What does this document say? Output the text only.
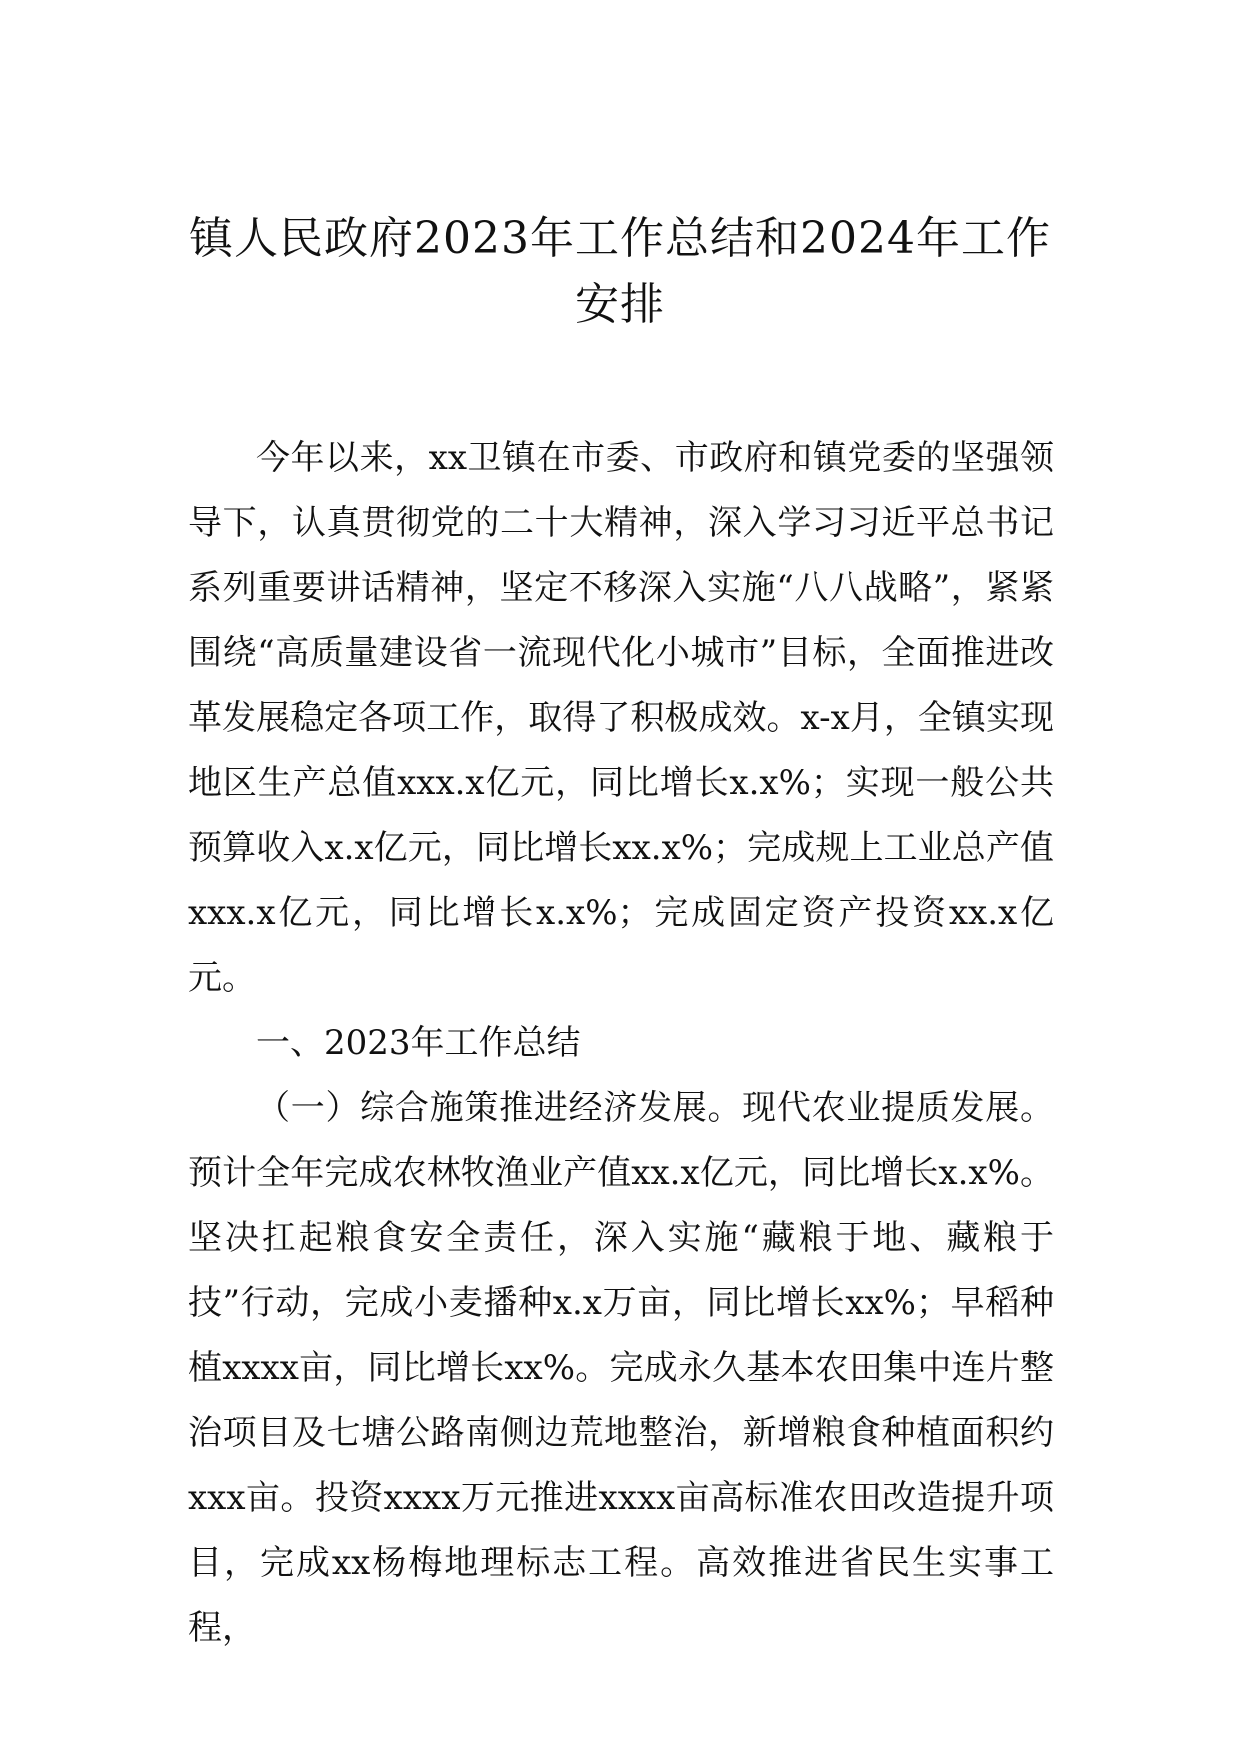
镇人民政府2023年工作总结和2024年工作
安排

今年以来，xx卫镇在市委、市政府和镇党委的坚强领导下，认真贯彻党的二十大精神，深入学习习近平总书记系列重要讲话精神，坚定不移深入实施“八八战略”，紧紧围绕“高质量建设省一流现代化小城市”目标，全面推进改革发展稳定各项工作，取得了积极成效。x-x月，全镇实现地区生产总值xxx.x亿元，同比增长x.x%；实现一般公共预算收入x.x亿元，同比增长xx.x%；完成规上工业总产值xxx.x亿元，同比增长x.x%；完成固定资产投资xx.x亿元。

一、2023年工作总结

（一）综合施策推进经济发展。现代农业提质发展。预计全年完成农林牧渔业产值xx.x亿元，同比增长x.x%。坚决扛起粮食安全责任，深入实施“藏粮于地、藏粮于技”行动，完成小麦播种x.x万亩，同比增长xx%；早稻种植xxxx亩，同比增长xx%。完成永久基本农田集中连片整治项目及七塘公路南侧边荒地整治，新增粮食种植面积约xxx亩。投资xxxx万元推进xxxx亩高标准农田改造提升项目，完成xx杨梅地理标志工程。高效推进省民生实事工程，
